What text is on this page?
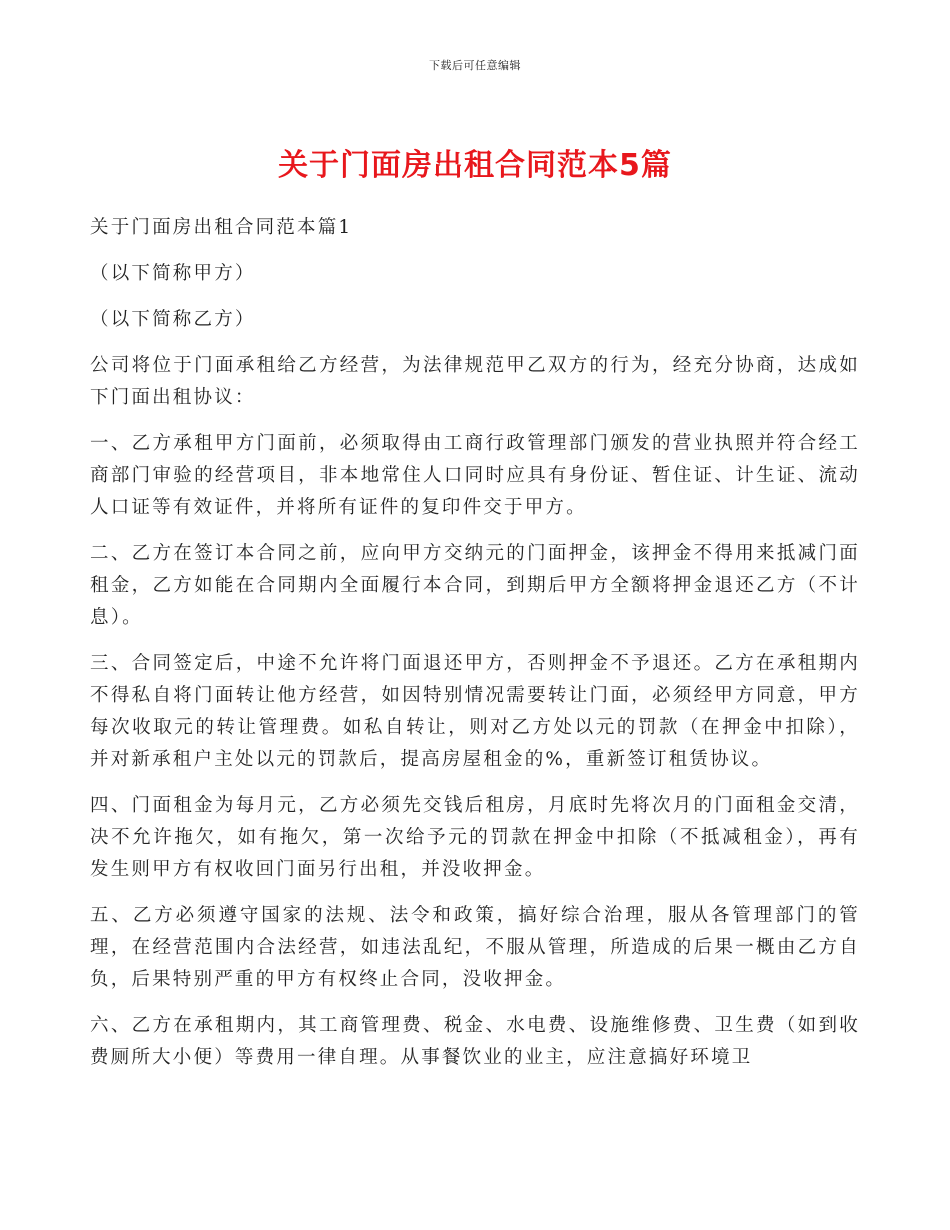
下载后可任意编辑
关于门面房出租合同范本5篇

关于门面房出租合同范本篇1

（以下简称甲方）

（以下简称乙方）

公司将位于门面承租给乙方经营，为法律规范甲乙双方的行为，经充分协商，达成如下门面出租协议：

一、乙方承租甲方门面前，必须取得由工商行政管理部门颁发的营业执照并符合经工商部门审验的经营项目，非本地常住人口同时应具有身份证、暂住证、计生证、流动人口证等有效证件，并将所有证件的复印件交于甲方。

二、乙方在签订本合同之前，应向甲方交纳元的门面押金，该押金不得用来抵减门面租金，乙方如能在合同期内全面履行本合同，到期后甲方全额将押金退还乙方（不计息）。

三、合同签定后，中途不允许将门面退还甲方，否则押金不予退还。乙方在承租期内不得私自将门面转让他方经营，如因特别情况需要转让门面，必须经甲方同意，甲方每次收取元的转让管理费。如私自转让，则对乙方处以元的罚款（在押金中扣除），并对新承租户主处以元的罚款后，提高房屋租金的%，重新签订租赁协议。

四、门面租金为每月元，乙方必须先交钱后租房，月底时先将次月的门面租金交清，决不允许拖欠，如有拖欠，第一次给予元的罚款在押金中扣除（不抵减租金），再有发生则甲方有权收回门面另行出租，并没收押金。

五、乙方必须遵守国家的法规、法令和政策，搞好综合治理，服从各管理部门的管理，在经营范围内合法经营，如违法乱纪，不服从管理，所造成的后果一概由乙方自负，后果特别严重的甲方有权终止合同，没收押金。

六、乙方在承租期内，其工商管理费、税金、水电费、设施维修费、卫生费（如到收费厕所大小便）等费用一律自理。从事餐饮业的业主，应注意搞好环境卫
